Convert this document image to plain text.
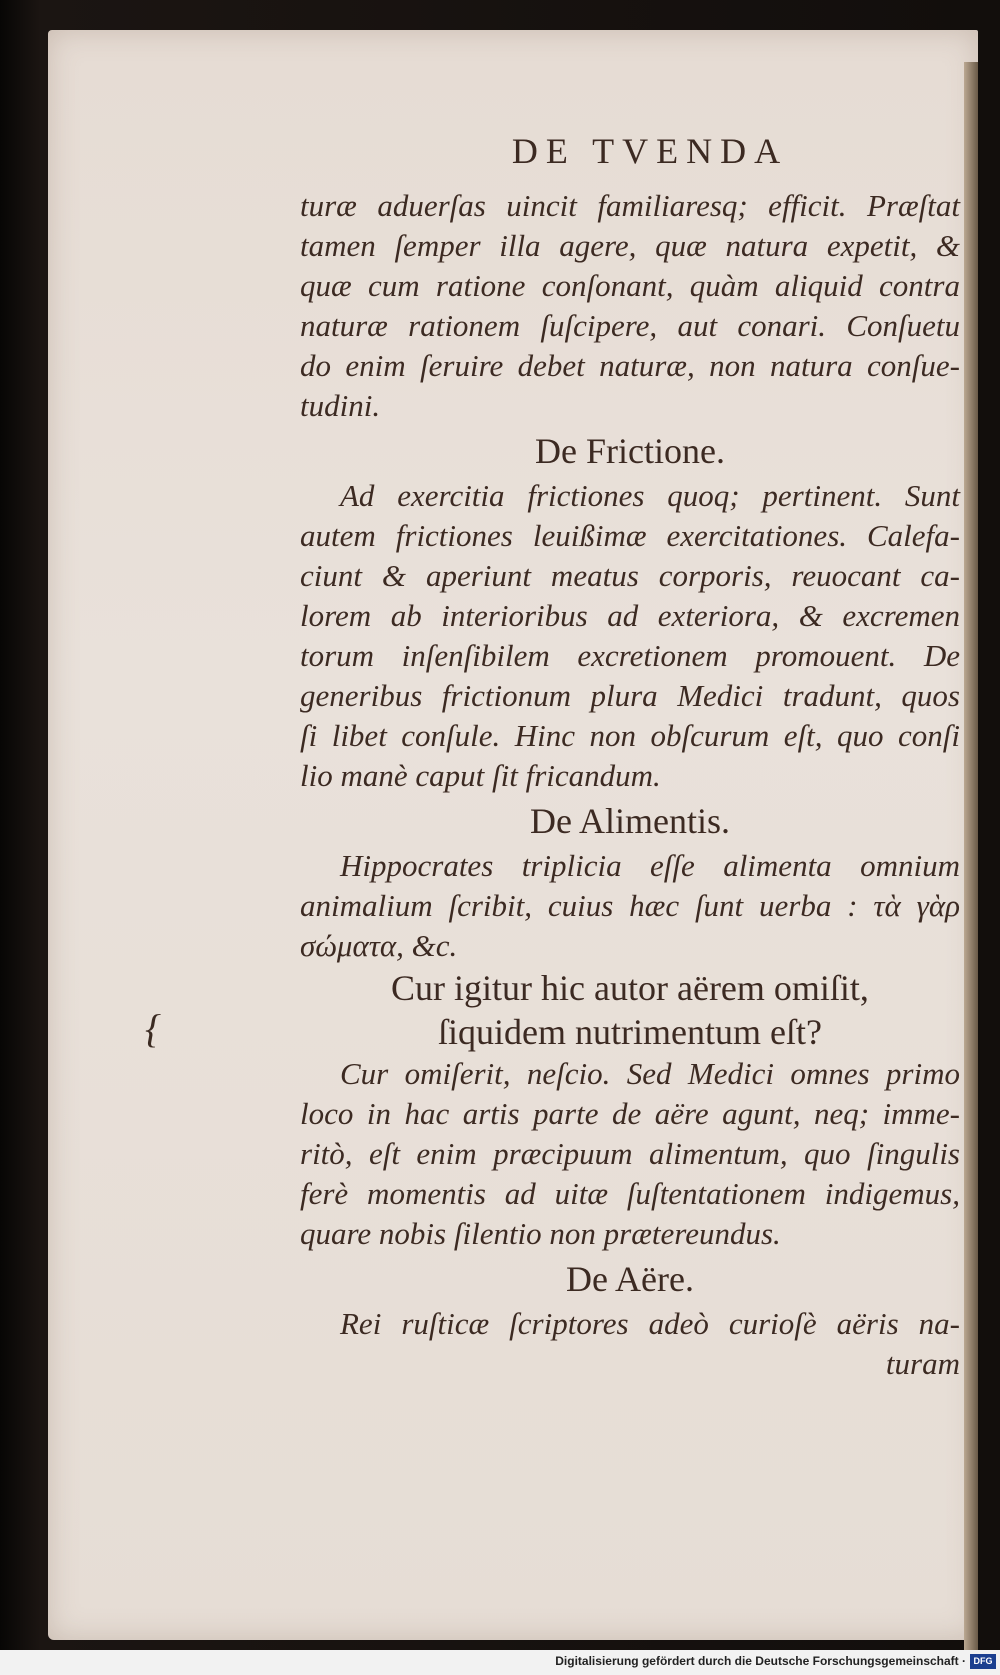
{
DE TVENDA
turæ aduerſas uincit familiaresq; efficit. Præſtat
tamen ſemper illa agere, quæ natura expetit, &
quæ cum ratione conſonant, quàm aliquid contra
naturæ rationem ſuſcipere, aut conari. Conſuetu
do enim ſeruire debet naturæ, non natura conſue-
tudini.
De Frictione.
Ad exercitia frictiones quoq; pertinent. Sunt
autem frictiones leuißimæ exercitationes. Calefa-
ciunt & aperiunt meatus corporis, reuocant ca-
lorem ab interioribus ad exteriora, & excremen
torum inſenſibilem excretionem promouent. De
generibus frictionum plura Medici tradunt, quos
ſi libet conſule. Hinc non obſcurum eſt, quo conſi
lio manè caput ſit fricandum.
De Alimentis.
Hippocrates triplicia eſſe alimenta omnium
animalium ſcribit, cuius hæc ſunt uerba : τὰ γὰρ
σώματα, &c.
Cur igitur hic autor aërem omiſit,
ſiquidem nutrimentum eſt?
Cur omiſerit, neſcio. Sed Medici omnes primo
loco in hac artis parte de aëre agunt, neq; imme-
ritò, eſt enim præcipuum alimentum, quo ſingulis
ferè momentis ad uitæ ſuſtentationem indigemus,
quare nobis ſilentio non prætereundus.
De Aëre.
Rei ruſticæ ſcriptores adeò curioſè aëris na-
turam
Digitalisierung gefördert durch die Deutsche Forschungsgemeinschaft · DFG
